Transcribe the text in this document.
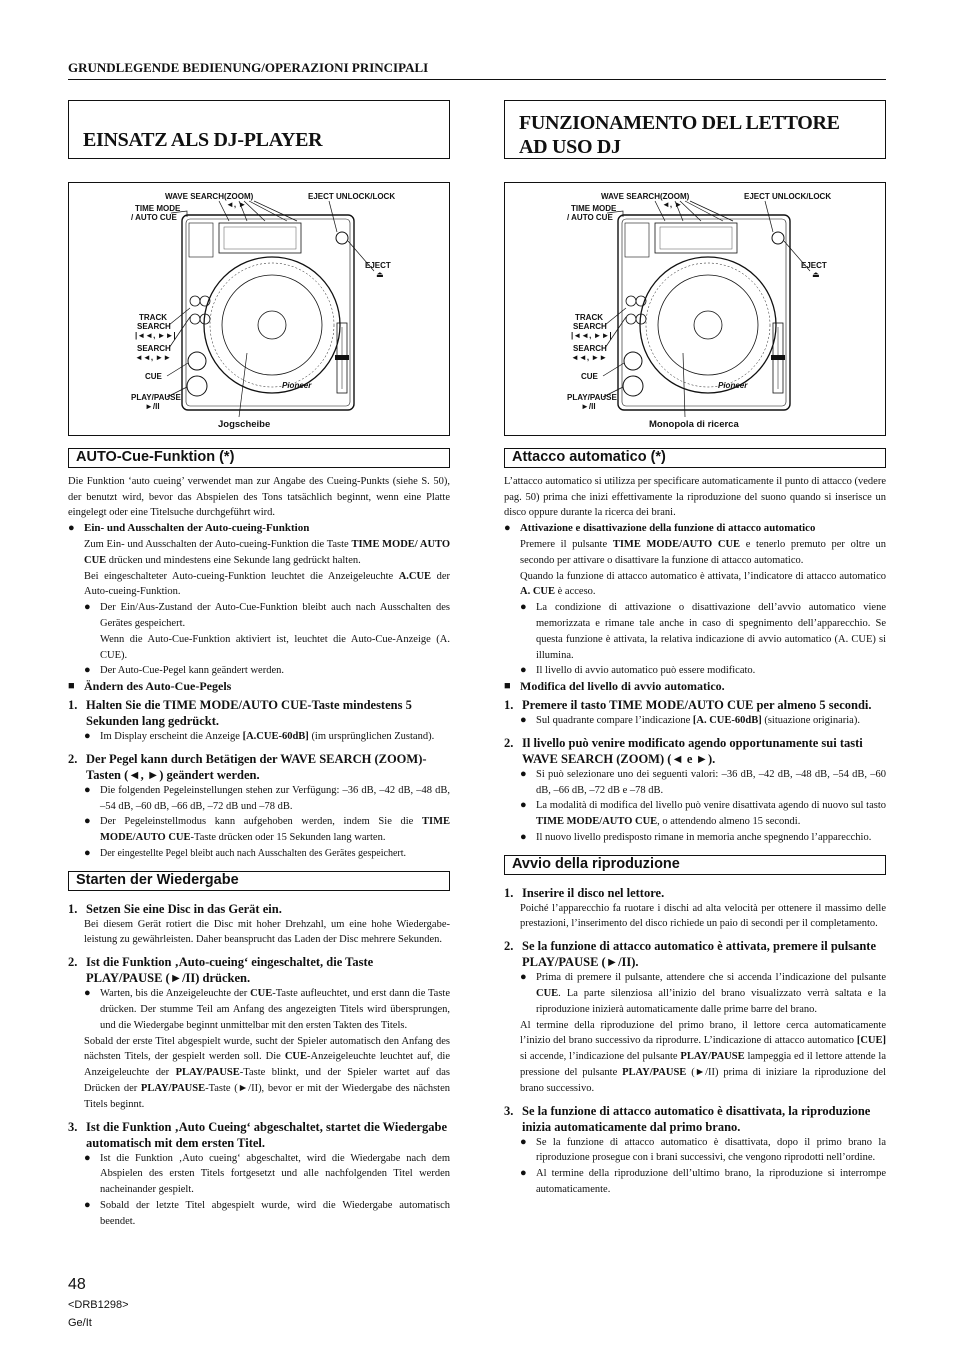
GRUNDLEGENDE BEDIENUNG/OPERAZIONI PRINCIPALI
EINSATZ ALS DJ-PLAYER
FUNZIONAMENTO DEL LETTORE AD USO DJ
Pioneer
WAVE SEARCH(ZOOM)
◄, ►
TIME MODE
/ AUTO CUE
EJECT UNLOCK/LOCK
EJECT
⏏
TRACK
SEARCH
|◄◄, ►►|
SEARCH
◄◄, ►►
CUE
PLAY/PAUSE
►/II
Jogscheibe
Pioneer
WAVE SEARCH(ZOOM)
◄, ►
TIME MODE
/ AUTO CUE
EJECT UNLOCK/LOCK
EJECT
⏏
TRACK
SEARCH
|◄◄, ►►|
SEARCH
◄◄, ►►
CUE
PLAY/PAUSE
►/II
Monopola di ricerca
AUTO-Cue-Funktion (*)

Die Funktion ‘auto cueing’ verwendet man zur Angabe des Cueing-Punkts (siehe S. 50), der benutzt wird, bevor das Abspielen des Tons tatsächlich beginnt, wenn eine Platte eingelegt oder eine Titelsuche durchgeführt wird.

● Ein- und Ausschalten der Auto-cueing-Funktion

Zum Ein- und Ausschalten der Auto-cueing-Funktion die Taste TIME MODE/ AUTO CUE drücken und mindestens eine Sekunde lang gedrückt halten.

Bei eingeschalteter Auto-cueing-Funktion leuchtet die Anzeigeleuchte A.CUE der Auto-cueing-Funktion.

● Der Ein/Aus-Zustand der Auto-Cue-Funktion bleibt auch nach Ausschalten des Gerätes gespeichert.

Wenn die Auto-Cue-Funktion aktiviert ist, leuchtet die Auto-Cue-Anzeige (A. CUE).

● Der Auto-Cue-Pegel kann geändert werden.
■ Ändern des Auto-Cue-Pegels
1. Halten Sie die TIME MODE/AUTO CUE-Taste mindestens 5 Sekunden lang gedrückt.
● Im Display erscheint die Anzeige [A.CUE-60dB] (im ursprünglichen Zustand).
2. Der Pegel kann durch Betätigen der WAVE SEARCH (ZOOM)-Tasten (◄, ►) geändert werden.
● Die folgenden Pegeleinstellungen stehen zur Verfügung: –36 dB, –42 dB, –48 dB, –54 dB, –60 dB, –66 dB, –72 dB und –78 dB.
● Der Pegeleinstellmodus kann aufgehoben werden, indem Sie die TIME MODE/AUTO CUE-Taste drücken oder 15 Sekunden lang warten.
● Der eingestellte Pegel bleibt auch nach Ausschalten des Gerätes gespeichert.
Starten der Wiedergabe
1. Setzen Sie eine Disc in das Gerät ein.

Bei diesem Gerät rotiert die Disc mit hoher Drehzahl, um eine hohe Wiedergabe-leistung zu gewährleisten. Daher beansprucht das Laden der Disc mehrere Sekunden.

2. Ist die Funktion ‚Auto-cueing‘ eingeschaltet, die Taste PLAY/PAUSE (►/II) drücken.
● Warten, bis die Anzeigeleuchte der CUE-Taste aufleuchtet, und erst dann die Taste drücken. Der stumme Teil am Anfang des angezeigten Titels wird übersprungen, und die Wiedergabe beginnt unmittelbar mit den ersten Takten des Titels.

Sobald der erste Titel abgespielt wurde, sucht der Spieler automatisch den Anfang des nächsten Titels, der gespielt werden soll. Die CUE-Anzeigeleuchte leuchtet auf, die Anzeigeleuchte der PLAY/PAUSE-Taste blinkt, und der Spieler wartet auf das Drücken der PLAY/PAUSE-Taste (►/II), bevor er mit der Wiedergabe des nächsten Titels beginnt.

3. Ist die Funktion ‚Auto Cueing‘ abgeschaltet, startet die Wiedergabe automatisch mit dem ersten Titel.
● Ist die Funktion ‚Auto cueing‘ abgeschaltet, wird die Wiedergabe nach dem Abspielen des ersten Titels fortgesetzt und alle nachfolgenden Titel werden nacheinander gespielt.
● Sobald der letzte Titel abgespielt wurde, wird die Wiedergabe automatisch beendet.
Attacco automatico (*)

L’attacco automatico si utilizza per specificare automaticamente il punto di attacco (vedere pag. 50) prima che inizi effettivamente la riproduzione del suono quando si inserisce un disco oppure durante la ricerca dei brani.

● Attivazione e disattivazione della funzione di attacco automatico

Premere il pulsante TIME MODE/AUTO CUE e tenerlo premuto per oltre un secondo per attivare o disattivare la funzione di attacco automatico.

Quando la funzione di attacco automatico è attivata, l’indicatore di attacco automatico A. CUE è acceso.

● La condizione di attivazione o disattivazione dell’avvio automatico viene memorizzata e rimane tale anche in caso di spegnimento dell’apparecchio. Se questa funzione è attivata, la relativa indicazione di avvio automatico (A. CUE) si illumina.
● Il livello di avvio automatico può essere modificato.
■ Modifica del livello di avvio automatico.
1. Premere il tasto TIME MODE/AUTO CUE per almeno 5 secondi.
● Sul quadrante compare l’indicazione [A. CUE-60dB] (situazione originaria).
2. Il livello può venire modificato agendo opportunamente sui tasti WAVE SEARCH (ZOOM) (◄ e ►).
● Si può selezionare uno dei seguenti valori: –36 dB, –42 dB, –48 dB, –54 dB, –60 dB, –66 dB, –72 dB e –78 dB.
● La modalità di modifica del livello può venire disattivata agendo di nuovo sul tasto TIME MODE/AUTO CUE, o attendendo almeno 15 secondi.
● Il nuovo livello predisposto rimane in memoria anche spegnendo l’apparecchio.
Avvio della riproduzione
1. Inserire il disco nel lettore.

Poiché l’apparecchio fa ruotare i dischi ad alta velocità per ottenere il massimo delle prestazioni, l’inserimento del disco richiede un paio di secondi per il completamento.

2. Se la funzione di attacco automatico è attivata, premere il pulsante PLAY/PAUSE (►/II).
● Prima di premere il pulsante, attendere che si accenda l’indicazione del pulsante CUE. La parte silenziosa all’inizio del brano visualizzato verrà saltata e la riproduzione inizierà automaticamente dalle prime barre del brano.

Al termine della riproduzione del primo brano, il lettore cerca automaticamente l’inizio del brano successivo da riprodurre. L’indicazione di attacco automatico [CUE] si accende, l’indicazione del pulsante PLAY/PAUSE lampeggia ed il lettore attende la pressione del pulsante PLAY/PAUSE (►/II) prima di iniziare la riproduzione del brano successivo.

3. Se la funzione di attacco automatico è disattivata, la riproduzione inizia automaticamente dal primo brano.
● Se la funzione di attacco automatico è disattivata, dopo il primo brano la riproduzione prosegue con i brani successivi, che vengono riprodotti nell’ordine.
● Al termine della riproduzione dell’ultimo brano, la riproduzione si interrompe automaticamente.
48
<DRB1298>
Ge/It
